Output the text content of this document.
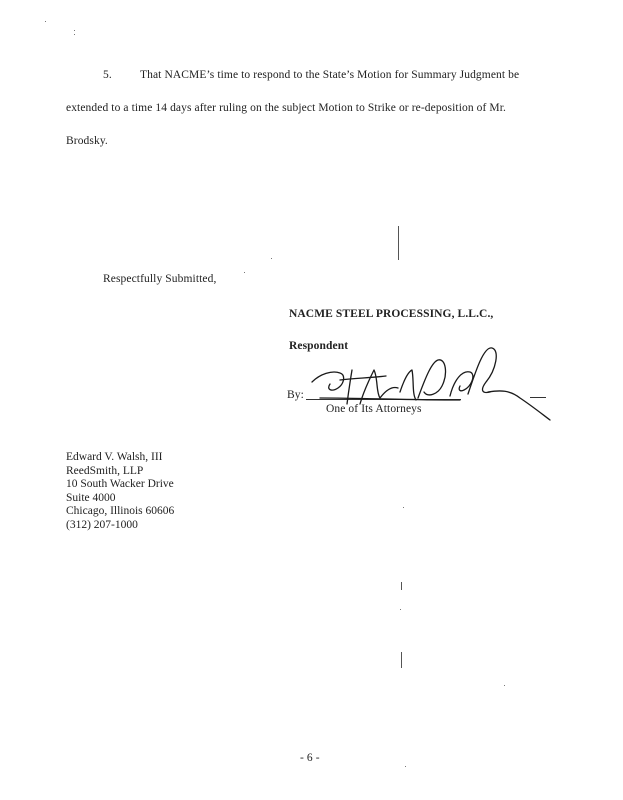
5. That NACME’s time to respond to the State’s Motion for Summary Judgment be
extended to a time 14 days after ruling on the subject Motion to Strike or re-deposition of Mr.
Brodsky.
Respectfully Submitted,
NACME STEEL PROCESSING, L.L.C.,
Respondent
By:
One of Its Attorneys
Edward V. Walsh, III
ReedSmith, LLP
10 South Wacker Drive
Suite 4000
Chicago, Illinois 60606
(312) 207-1000
- 6 -
